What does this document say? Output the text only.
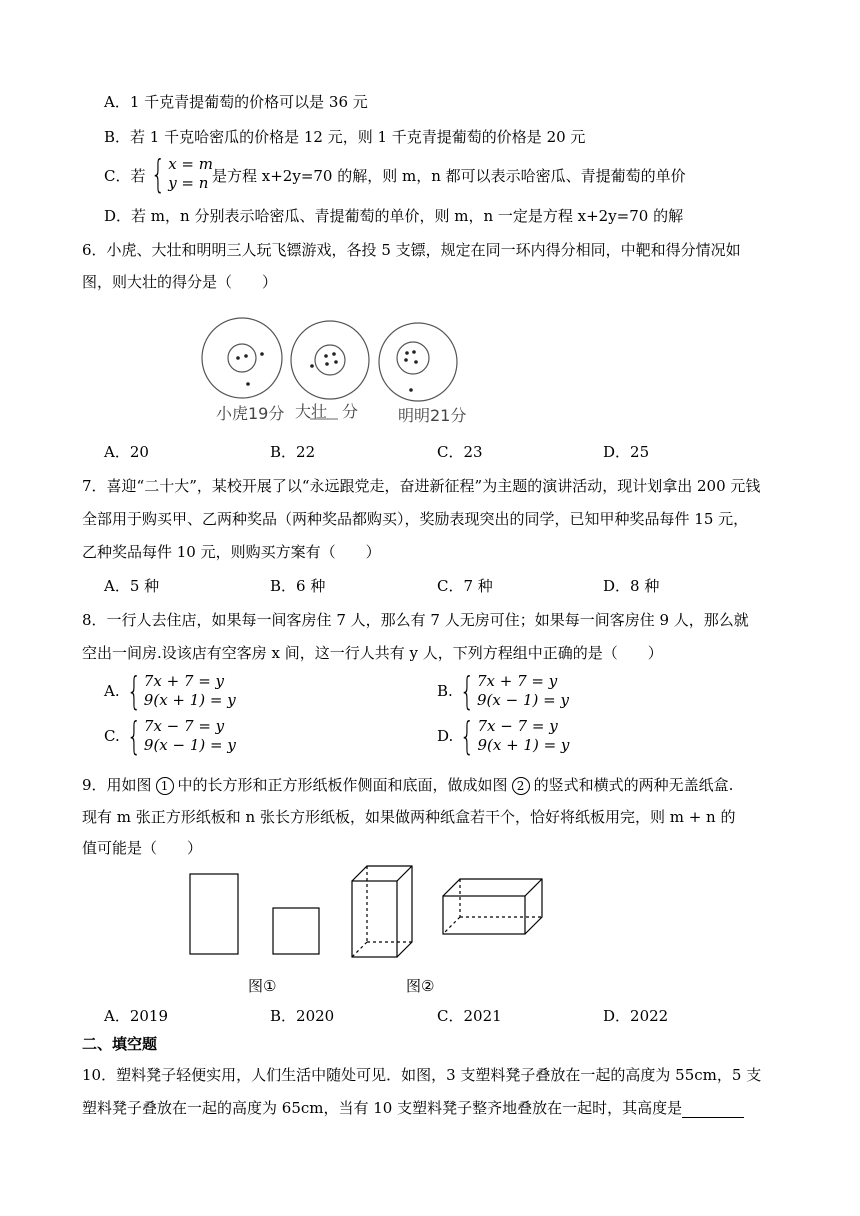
A．1 千克青提葡萄的价格可以是 36 元
B．若 1 千克哈密瓜的价格是 12 元，则 1 千克青提葡萄的价格是 20 元
C．若 { x = m
y = n 是方程 x+2y=70 的解，则 m，n 都可以表示哈密瓜、青提葡萄的单价
D．若 m，n 分别表示哈密瓜、青提葡萄的单价，则 m，n 一定是方程 x+2y=70 的解
6．小虎、大壮和明明三人玩飞镖游戏，各投 5 支镖，规定在同一环内得分相同，中靶和得分情况如
图，则大壮的得分是（　　）
小虎19分 大壮 分 明明21分
A．20	B．22	C．23	D．25
7．喜迎“二十大”，某校开展了以“永远跟党走，奋进新征程”为主题的演讲活动，现计划拿出 200 元钱
全部用于购买甲、乙两种奖品（两种奖品都购买），奖励表现突出的同学，已知甲种奖品每件 15 元，
乙种奖品每件 10 元，则购买方案有（　　）
A．5 种	B．6 种	C．7 种	D．8 种
8．一行人去住店，如果每一间客房住 7 人，那么有 7 人无房可住；如果每一间客房住 9 人，那么就
空出一间房.设该店有空客房 x 间，这一行人共有 y 人，下列方程组中正确的是（　　）
A. { 7x + 7 = y
9(x + 1) = y	B. { 7x + 7 = y
9(x − 1) = y
C. { 7x − 7 = y
9(x − 1) = y	D. { 7x − 7 = y
9(x + 1) = y
9．用如图 1 中的长方形和正方形纸板作侧面和底面，做成如图 2 的竖式和横式的两种无盖纸盒.
现有 m 张正方形纸板和 n 张长方形纸板，如果做两种纸盒若干个，恰好将纸板用完，则 m + n 的
值可能是（　　）
图①	图②
A．2019	B．2020	C．2021	D．2022
二、填空题
10．塑料凳子轻便实用，人们生活中随处可见．如图，3 支塑料凳子叠放在一起的高度为 55cm，5 支
塑料凳子叠放在一起的高度为 65cm，当有 10 支塑料凳子整齐地叠放在一起时，其高度是
